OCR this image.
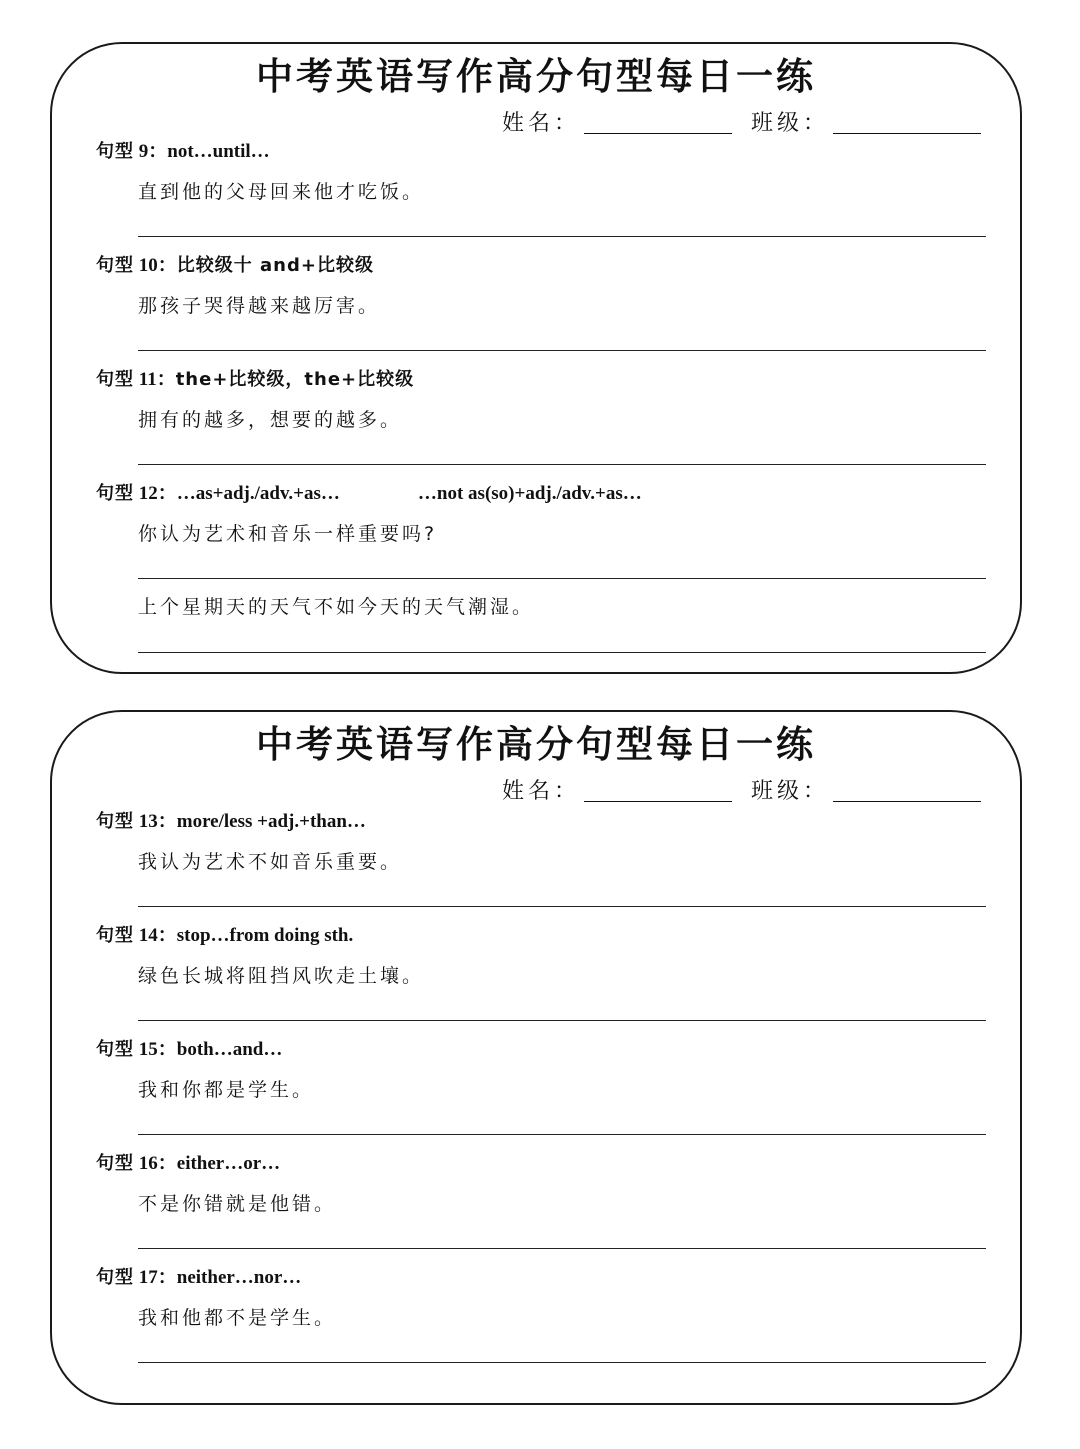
中考英语写作高分句型每日一练
姓名：	班级：
句型 9：not…until…
直到他的父母回来他才吃饭。
句型 10：比较级十 and+比较级
那孩子哭得越来越厉害。
句型 11：the+比较级，the+比较级
拥有的越多，想要的越多。
句型 12：…as+adj./adv.+as…	…not as(so)+adj./adv.+as…
你认为艺术和音乐一样重要吗?
上个星期天的天气不如今天的天气潮湿。
中考英语写作高分句型每日一练
姓名：	班级：
句型 13：more/less +adj.+than…
我认为艺术不如音乐重要。
句型 14：stop…from doing sth.
绿色长城将阻挡风吹走土壤。
句型 15：both…and…
我和你都是学生。
句型 16：either…or…
不是你错就是他错。
句型 17：neither…nor…
我和他都不是学生。
